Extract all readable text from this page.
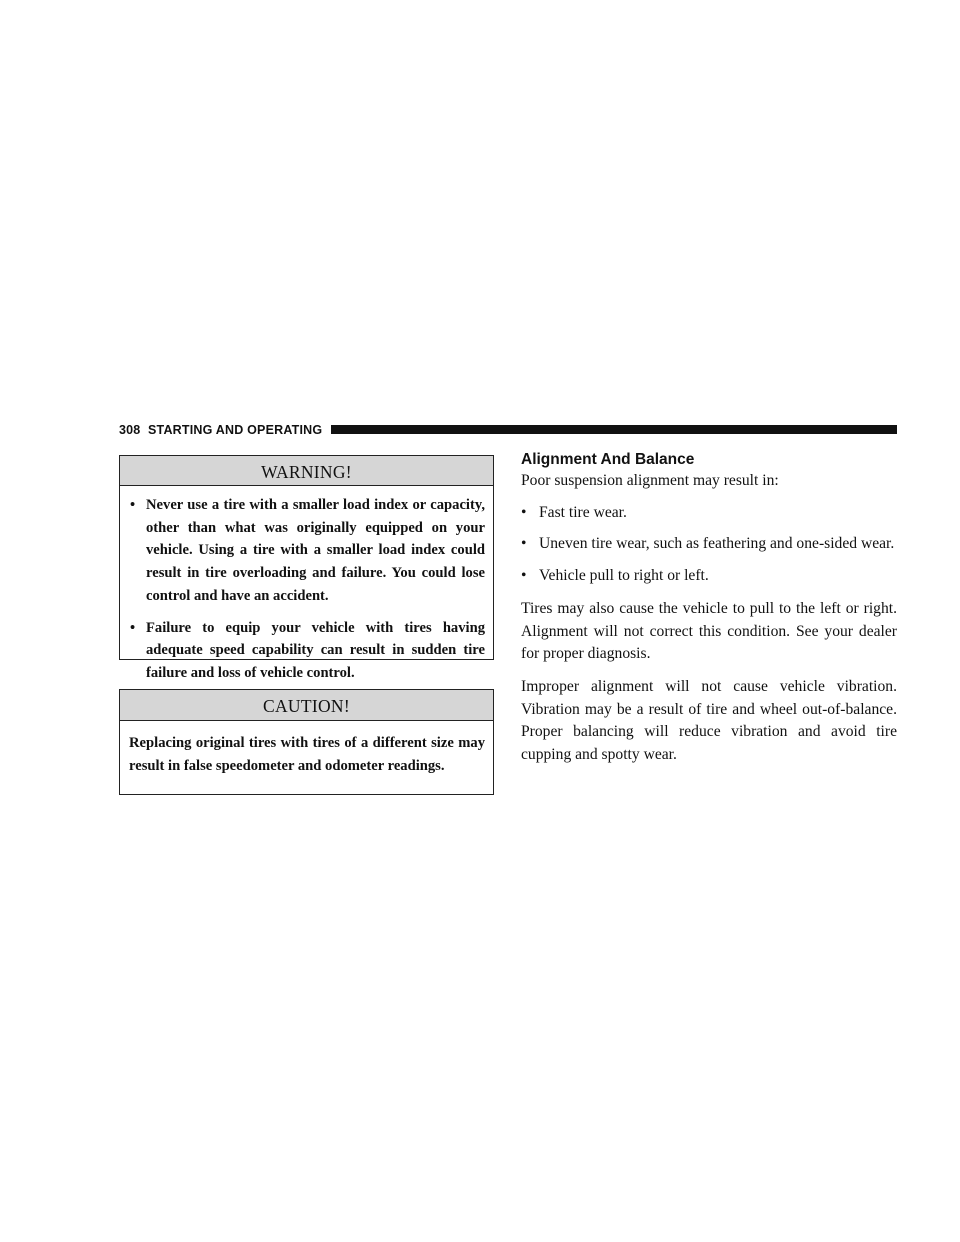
308 STARTING AND OPERATING
WARNING!
• Never use a tire with a smaller load index or capacity, other than what was originally equipped on your vehicle. Using a tire with a smaller load index could result in tire overloading and failure. You could lose control and have an accident.
• Failure to equip your vehicle with tires having adequate speed capability can result in sudden tire failure and loss of vehicle control.
CAUTION!
Replacing original tires with tires of a different size may result in false speedometer and odometer readings.
Alignment And Balance

Poor suspension alignment may result in:

• Fast tire wear.
• Uneven tire wear, such as feathering and one-sided wear.
• Vehicle pull to right or left.

Tires may also cause the vehicle to pull to the left or right. Alignment will not correct this condition. See your dealer for proper diagnosis.

Improper alignment will not cause vehicle vibration. Vibration may be a result of tire and wheel out-of-balance. Proper balancing will reduce vibration and avoid tire cupping and spotty wear.
